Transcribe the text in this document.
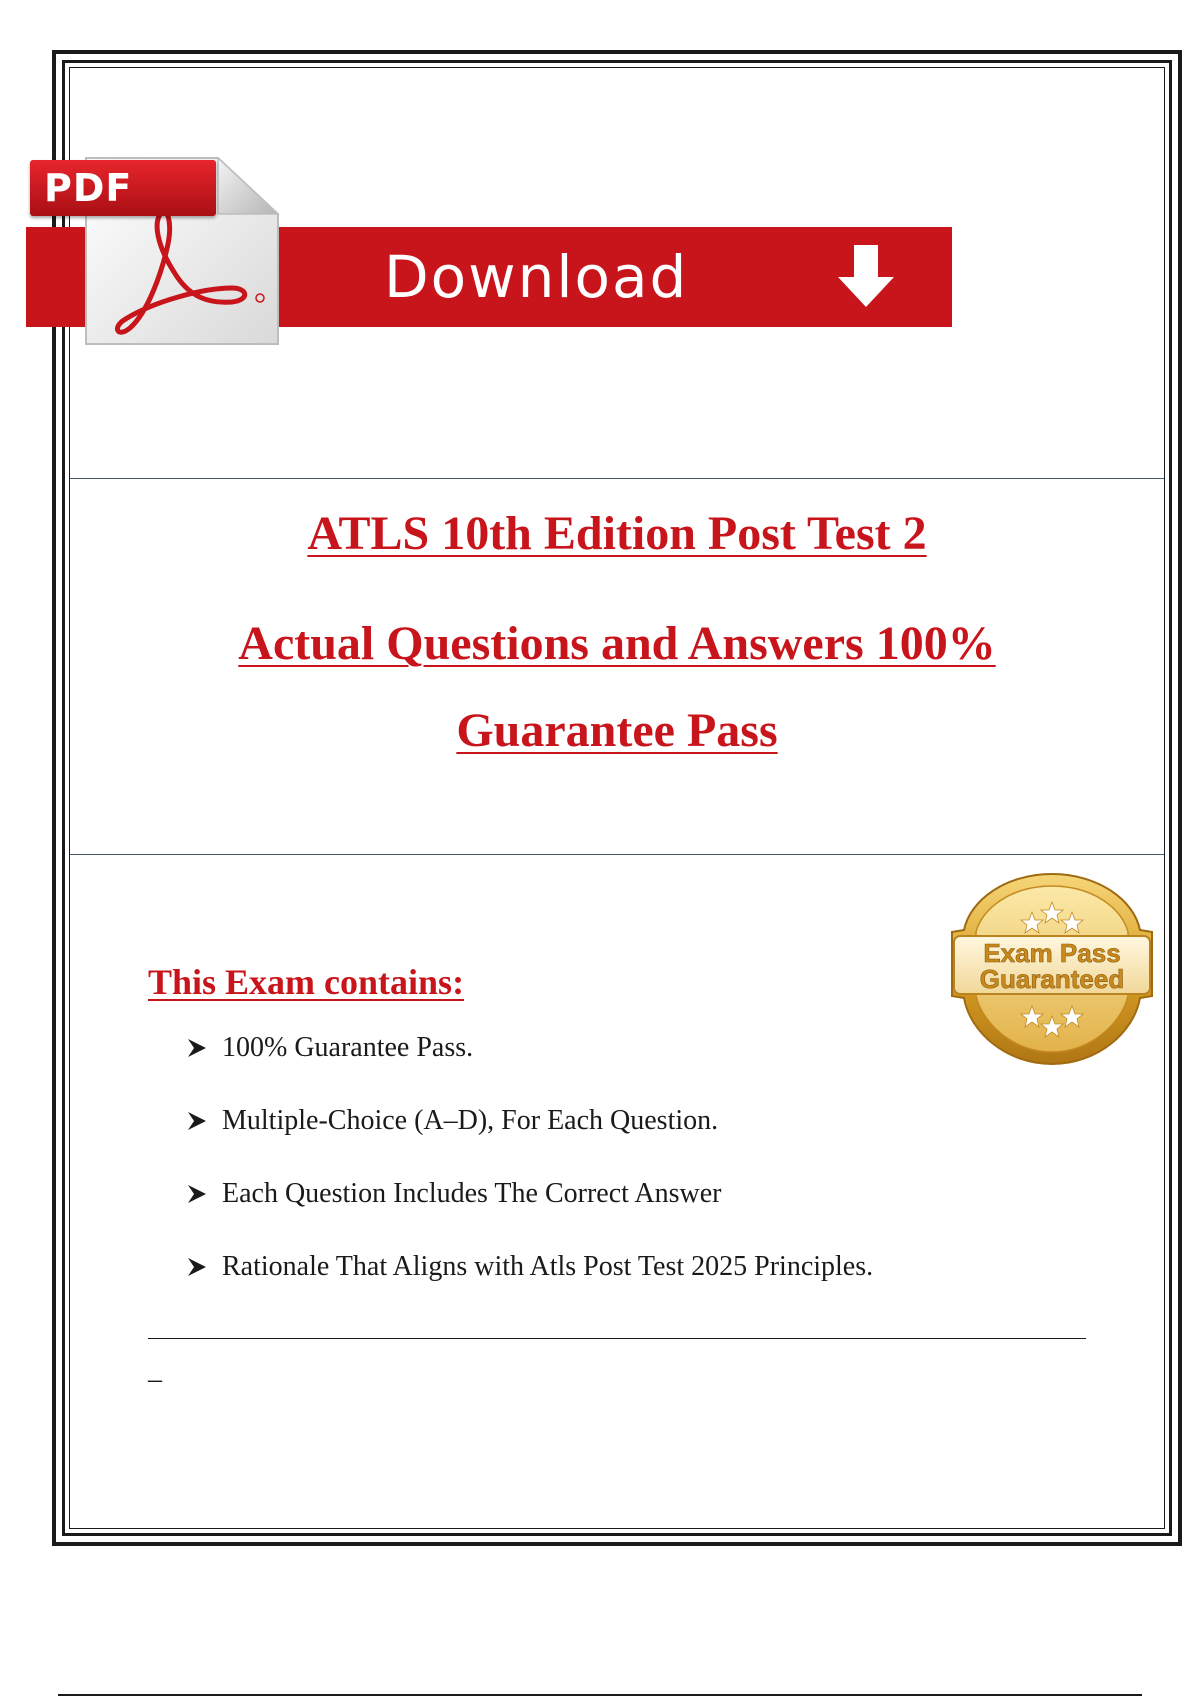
Download
PDF

ATLS 10th Edition Post Test 2

Actual Questions and Answers 100%

Guarantee Pass

Exam Pass
Guaranteed
This Exam contains:
100% Guarantee Pass.
Multiple-Choice (A–D), For Each Question.
Each Question Includes The Correct Answer
Rationale That Aligns with Atls Post Test 2025 Principles.
–
